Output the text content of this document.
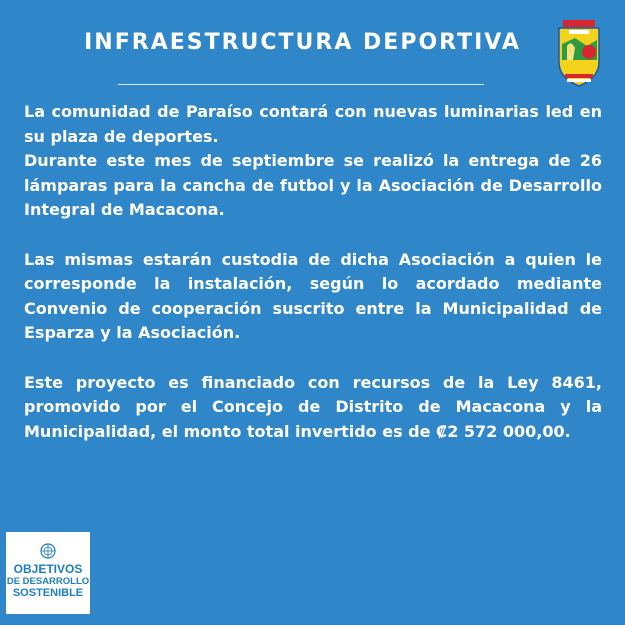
INFRAESTRUCTURA DEPORTIVA

La comunidad de Paraíso contará con nuevas luminarias led en su plaza de deportes.

Durante este mes de septiembre se realizó la entrega de 26 lámparas para la cancha de futbol y la Asociación de Desarrollo Integral de Macacona.

Las mismas estarán custodia de dicha Asociación a quien le corresponde la instalación, según lo acordado mediante Convenio de cooperación suscrito entre la Municipalidad de Esparza y la Asociación.

Este proyecto es financiado con recursos de la Ley 8461, promovido por el Concejo de Distrito de Macacona y la Municipalidad, el monto total invertido es de ₡2 572 000,00.

OBJETIVOS
DE DESARROLLO
SOSTENIBLE
